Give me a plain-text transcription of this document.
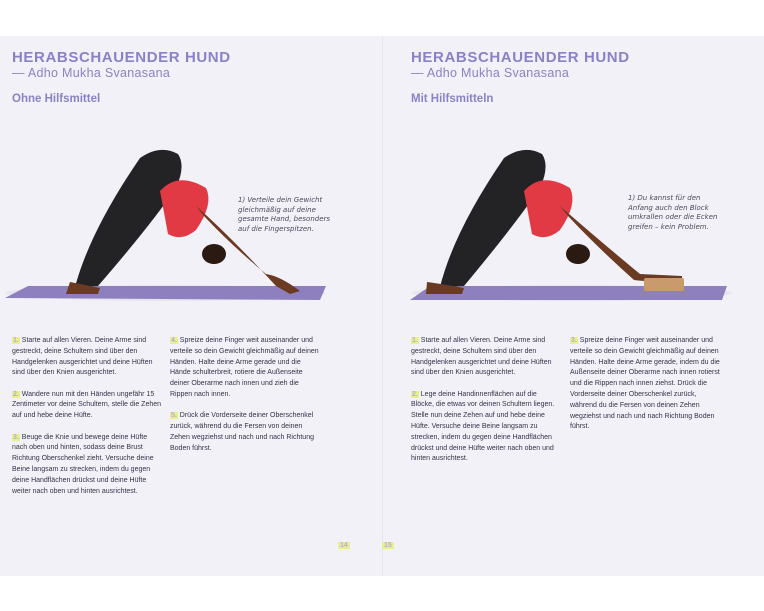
HERABSCHAUENDER HUND
— Adho Mukha Svanasana
Ohne Hilfsmittel
1) Verteile dein Gewicht gleichmäßig auf deine gesamte Hand, besonders auf die Fingerspitzen.

1. Starte auf allen Vieren. Deine Arme sind gestreckt, deine Schultern sind über den Handgelenken ausgerichtet und deine Hüften sind über den Knien ausgerichtet.

2. Wandere nun mit den Händen ungefähr 15 Zentimeter vor deine Schultern, stelle die Zehen auf und hebe deine Hüfte.

3. Beuge die Knie und bewege deine Hüfte nach oben und hinten, sodass deine Brust Richtung Oberschenkel zieht. Versuche deine Beine langsam zu strecken, indem du gegen deine Handflächen drückst und deine Hüfte weiter nach oben und hinten ausrichtest.

4. Spreize deine Finger weit auseinander und verteile so dein Gewicht gleichmäßig auf deinen Händen. Halte deine Arme gerade und die Hände schulterbreit, rotiere die Außenseite deiner Oberarme nach innen und zieh die Rippen nach innen.

5. Drück die Vorderseite deiner Oberschenkel zurück, während du die Fersen von deinen Zehen wegziehst und nach und nach Richtung Boden führst.

14
HERABSCHAUENDER HUND
— Adho Mukha Svanasana
Mit Hilfsmitteln
1) Du kannst für den Anfang auch den Block umkrallen oder die Ecken greifen – kein Problem.

1. Starte auf allen Vieren. Deine Arme sind gestreckt, deine Schultern sind über den Handgelenken ausgerichtet und deine Hüften sind über den Knien ausgerichtet.

2. Lege deine Handinnenflächen auf die Blöcke, die etwas vor deinen Schultern liegen. Stelle nun deine Zehen auf und hebe deine Hüfte. Versuche deine Beine langsam zu strecken, indem du gegen deine Handflächen drückst und deine Hüfte weiter nach oben und hinten ausrichtest.

3. Spreize deine Finger weit auseinander und verteile so dein Gewicht gleichmäßig auf deinen Händen. Halte deine Arme gerade, indem du die Außenseite deiner Oberarme nach innen rotierst und die Rippen nach innen ziehst. Drück die Vorderseite deiner Oberschenkel zurück, während du die Fersen von deinen Zehen wegziehst und nach und nach Richtung Boden führst.

15
